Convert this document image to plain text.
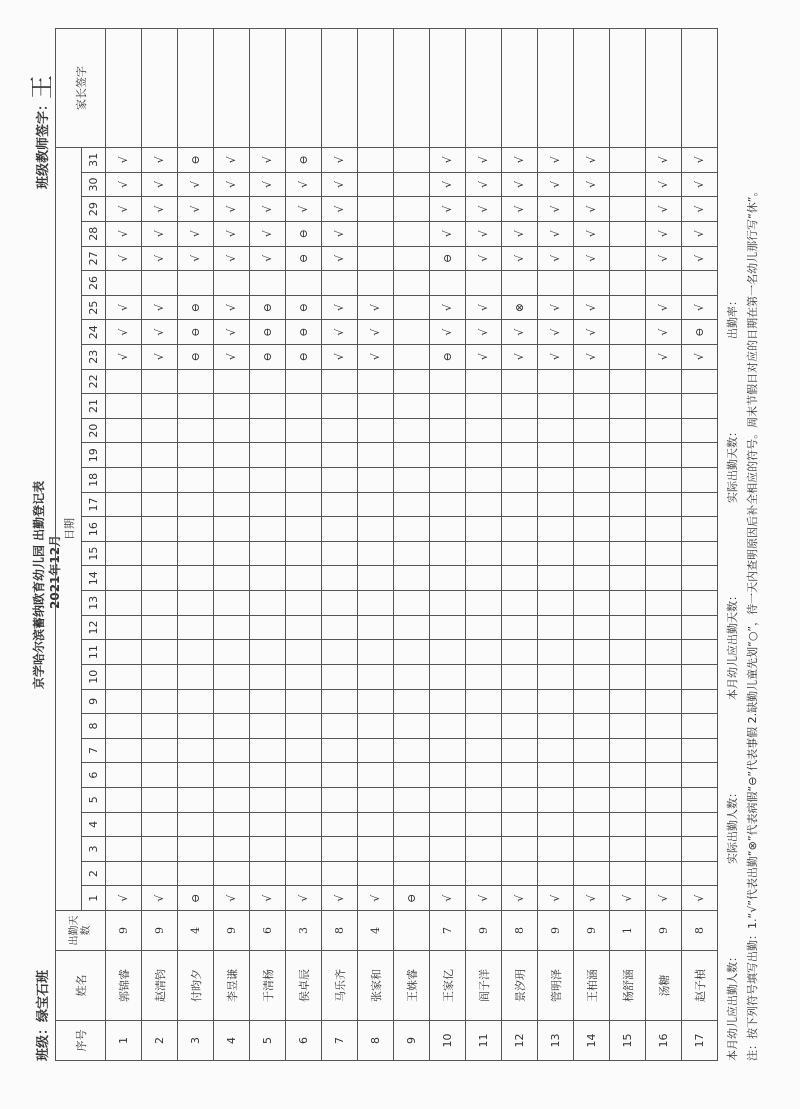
班级：绿宝石班
京学哈尔滨蓄纳欧育幼儿园 出勤登记表 2021年12月
班级教师签字：
王
序号	姓名	出勤天数	日期																															家长签字
			1	2	3	4	5	6	7	8	9	10	11	12	13	14	15	16	17	18	19	20	21	22	23	24	25	26	27	28	29	30	31	
1	郭锦睿	9	√																						√	√	√		√	√	√	√	√	
2	赵清钧	9	√																						√	√	√		√	√	√	√	√	
3	付昀夕	4	⊖																						⊖	⊖	⊖		√	√	√	√	⊖	
4	李昱谦	9	√																						√	√	√		√	√	√	√	√	
5	于清杨	6	√																						⊖	⊖	⊖		√	√	√	√	√	
6	侯卓辰	3	√																						⊖	⊖	⊖		⊖	⊖	√	√	⊖	
7	马乐齐	8	√																						√	√	√		√	√	√	√	√	
8	张家和	4	√																						√	√	√							
9	王姝睿		⊖																															
10	王家亿	7	√																						⊖	√	√		⊖	√	√	√	√	
11	阎子洋	9	√																						√	√	√		√	√	√	√	√	
12	景汐玥	8	√																						√	√	⊗		√	√	√	√	√	
13	管明泽	9	√																						√	√	√		√	√	√	√	√	
14	王柏涵	9	√																						√	√	√		√	√	√	√	√	
15	杨舒涵	1	√																															
16	汤糖	9	√																						√	√	√		√	√	√	√	√	
17	赵子楨	8	√																						√	⊖	√		√	√	√	√	√	
本月幼儿应出勤人数：  实际出勤人数：  本月幼儿应出勤天数：  实际出勤天数：  出勤率： 注：按下列符号填写出勤：1.“√”代表出勤“⊗”代表病假“⊖”代表事假 2.缺勤儿童先划“○”，待一天内查明原因后补全相应的符号。周末节假日对应的日期在第一名幼儿那行写“休”。
